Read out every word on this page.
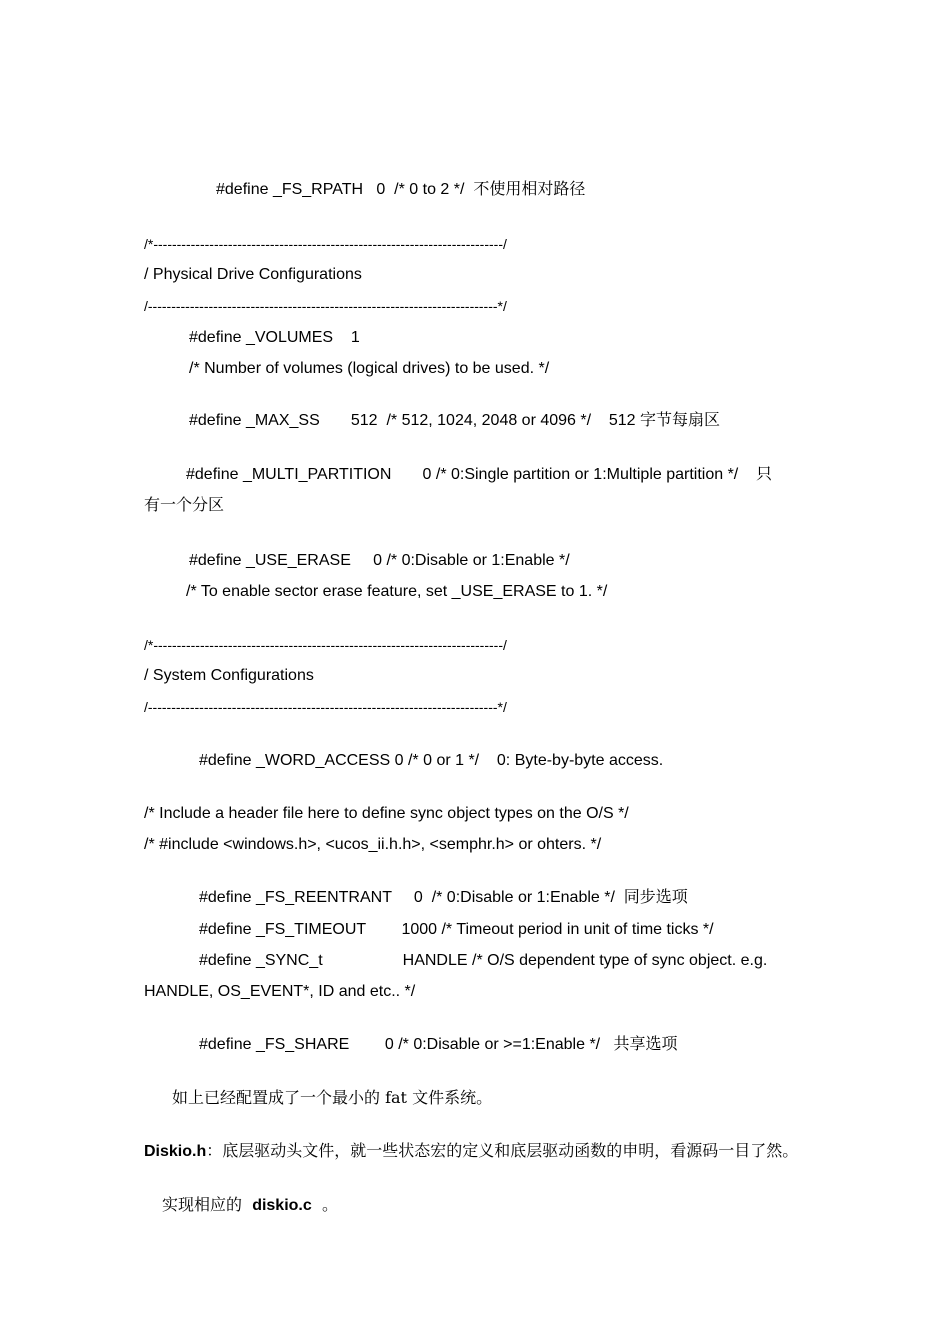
#define _FS_RPATH   0  /* 0 to 2 */  不使用相对路径
/*---------------------------------------------------------------------------/
/ Physical Drive Configurations
/---------------------------------------------------------------------------*/
#define _VOLUMES    1
/* Number of volumes (logical drives) to be used. */
#define _MAX_SS       512  /* 512, 1024, 2048 or 4096 */    512 字节每扇区
#define _MULTI_PARTITION       0 /* 0:Single partition or 1:Multiple partition */    只
有一个分区
#define _USE_ERASE     0 /* 0:Disable or 1:Enable */
/* To enable sector erase feature, set _USE_ERASE to 1. */
/*---------------------------------------------------------------------------/
/ System Configurations
/---------------------------------------------------------------------------*/
#define _WORD_ACCESS 0 /* 0 or 1 */    0: Byte-by-byte access.
/* Include a header file here to define sync object types on the O/S */
/* #include <windows.h>, <ucos_ii.h.h>, <semphr.h> or ohters. */
#define _FS_REENTRANT     0  /* 0:Disable or 1:Enable */  同步选项
#define _FS_TIMEOUT        1000 /* Timeout period in unit of time ticks */
#define _SYNC_t                  HANDLE /* O/S dependent type of sync object. e.g.
HANDLE, OS_EVENT*, ID and etc.. */
#define _FS_SHARE        0 /* 0:Disable or >=1:Enable */   共享选项
如上已经配置成了一个最小的 fat 文件系统。
Diskio.h：底层驱动头文件，就一些状态宏的定义和底层驱动函数的申明，看源码一目了然。
实现相应的  diskio.c  。
